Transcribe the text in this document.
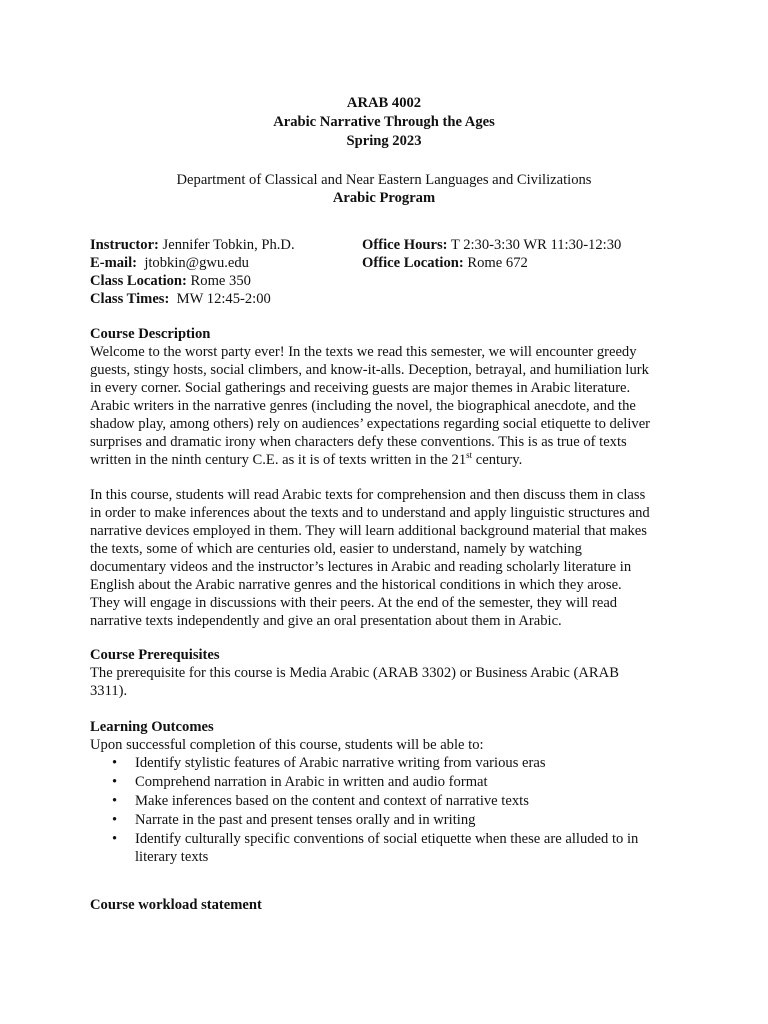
ARAB 4002
Arabic Narrative Through the Ages
Spring 2023
Department of Classical and Near Eastern Languages and Civilizations
Arabic Program
Instructor: Jennifer Tobkin, Ph.D.
E-mail:  jtobkin@gwu.edu
Class Location: Rome 350
Class Times:  MW 12:45-2:00
Office Hours: T 2:30-3:30 WR 11:30-12:30
Office Location: Rome 672
Course Description

Welcome to the worst party ever! In the texts we read this semester, we will encounter greedy

guests, stingy hosts, social climbers, and know-it-alls. Deception, betrayal, and humiliation lurk

in every corner. Social gatherings and receiving guests are major themes in Arabic literature.

Arabic writers in the narrative genres (including the novel, the biographical anecdote, and the

shadow play, among others) rely on audiences’ expectations regarding social etiquette to deliver

surprises and dramatic irony when characters defy these conventions. This is as true of texts

written in the ninth century C.E. as it is of texts written in the 21st century.

In this course, students will read Arabic texts for comprehension and then discuss them in class

in order to make inferences about the texts and to understand and apply linguistic structures and

narrative devices employed in them. They will learn additional background material that makes

the texts, some of which are centuries old, easier to understand, namely by watching

documentary videos and the instructor’s lectures in Arabic and reading scholarly literature in

English about the Arabic narrative genres and the historical conditions in which they arose.

They will engage in discussions with their peers. At the end of the semester, they will read

narrative texts independently and give an oral presentation about them in Arabic.

Course Prerequisites

The prerequisite for this course is Media Arabic (ARAB 3302) or Business Arabic (ARAB

3311).

Learning Outcomes
Upon successful completion of this course, students will be able to:
• Identify stylistic features of Arabic narrative writing from various eras
• Comprehend narration in Arabic in written and audio format
• Make inferences based on the content and context of narrative texts
• Narrate in the past and present tenses orally and in writing
• Identify culturally specific conventions of social etiquette when these are alluded to in
literary texts
Course workload statement
